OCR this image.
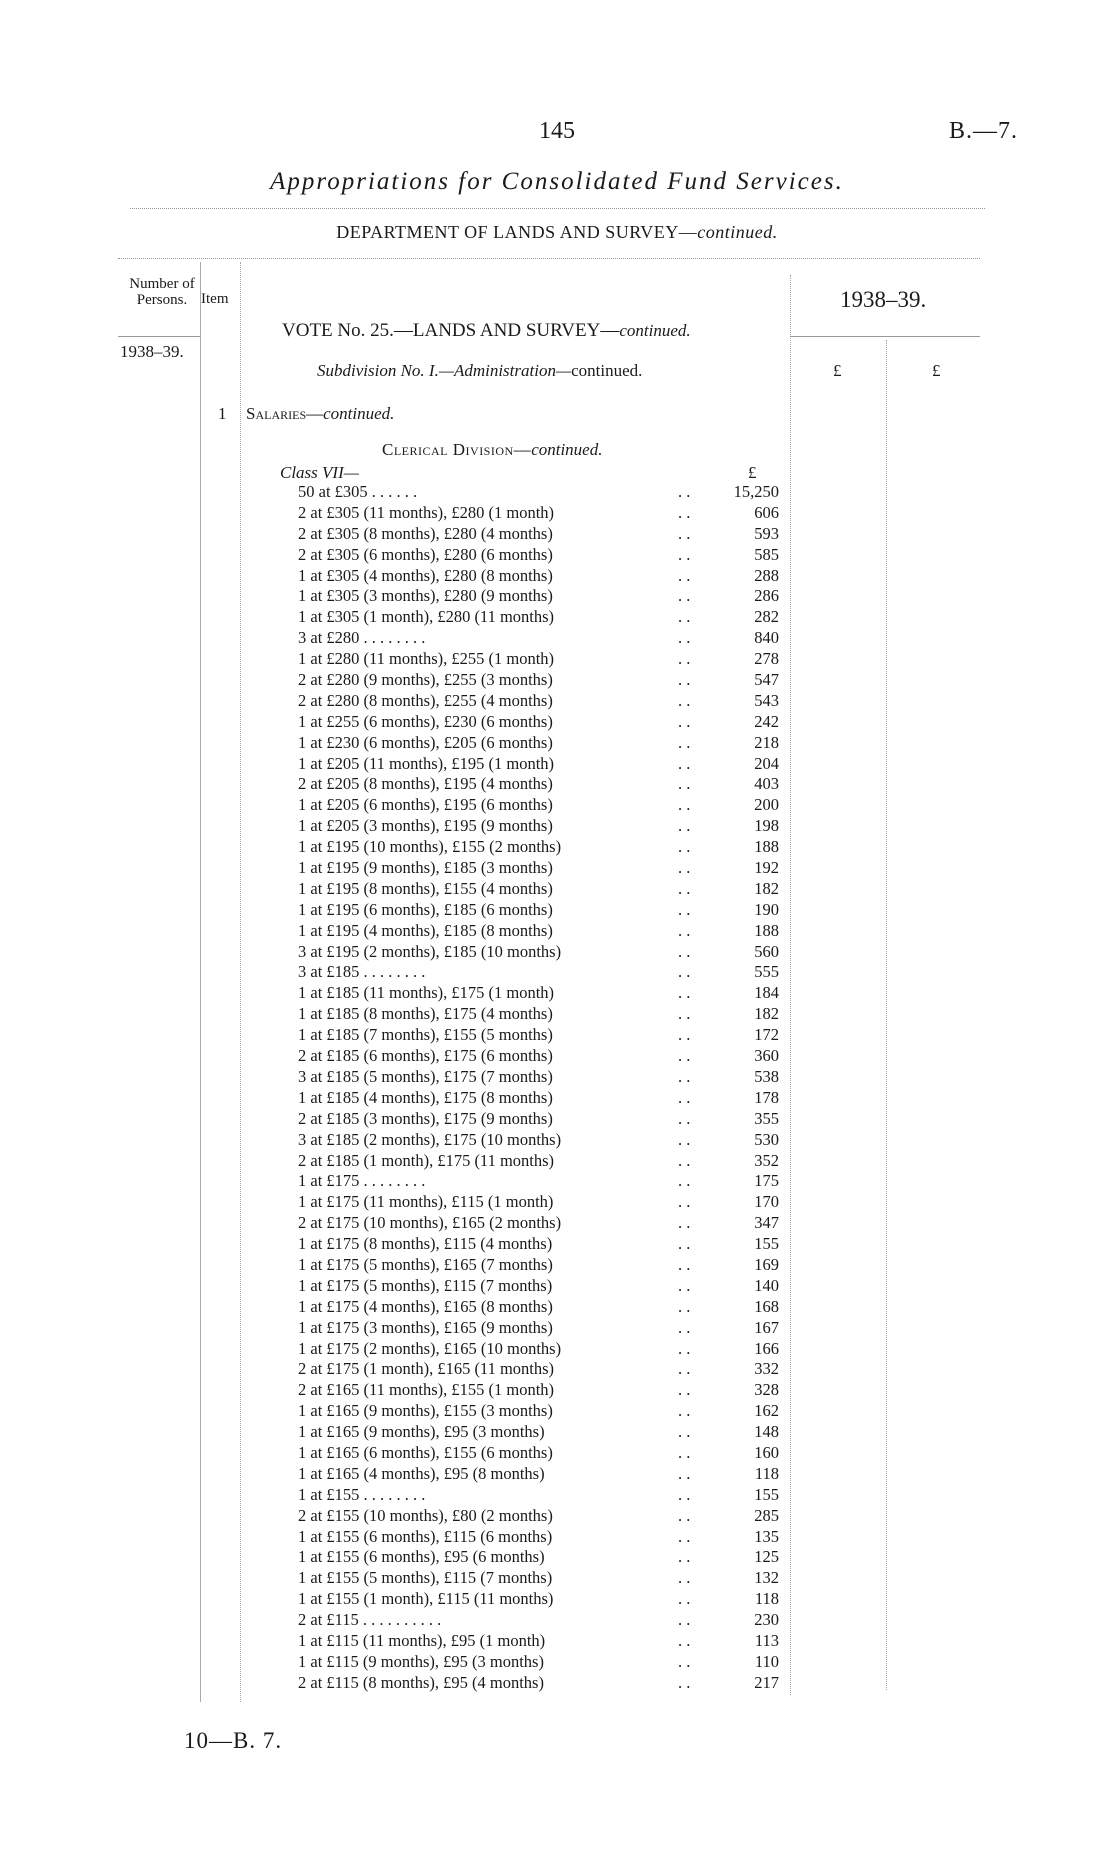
145	B.—7.
Appropriations for Consolidated Fund Services.
DEPARTMENT OF LANDS AND SURVEY—continued.
Number of Persons. Item
1938–39.
1938–39.
VOTE No. 25.—LANDS AND SURVEY—continued.
Subdivision No. I.—Administration—continued.	£	£
1 Salaries—continued.
Clerical Division—continued.
Class VII—	£
50 at £305 . . . . . .	. .	15,250
2 at £305 (11 months), £280 (1 month)	. .	606
2 at £305 (8 months), £280 (4 months)	. .	593
2 at £305 (6 months), £280 (6 months)	. .	585
1 at £305 (4 months), £280 (8 months)	. .	288
1 at £305 (3 months), £280 (9 months)	. .	286
1 at £305 (1 month), £280 (11 months)	. .	282
3 at £280 . . . . . . . .	. .	840
1 at £280 (11 months), £255 (1 month)	. .	278
2 at £280 (9 months), £255 (3 months)	. .	547
2 at £280 (8 months), £255 (4 months)	. .	543
1 at £255 (6 months), £230 (6 months)	. .	242
1 at £230 (6 months), £205 (6 months)	. .	218
1 at £205 (11 months), £195 (1 month)	. .	204
2 at £205 (8 months), £195 (4 months)	. .	403
1 at £205 (6 months), £195 (6 months)	. .	200
1 at £205 (3 months), £195 (9 months)	. .	198
1 at £195 (10 months), £155 (2 months)	. .	188
1 at £195 (9 months), £185 (3 months)	. .	192
1 at £195 (8 months), £155 (4 months)	. .	182
1 at £195 (6 months), £185 (6 months)	. .	190
1 at £195 (4 months), £185 (8 months)	. .	188
3 at £195 (2 months), £185 (10 months)	. .	560
3 at £185 . . . . . . . .	. .	555
1 at £185 (11 months), £175 (1 month)	. .	184
1 at £185 (8 months), £175 (4 months)	. .	182
1 at £185 (7 months), £155 (5 months)	. .	172
2 at £185 (6 months), £175 (6 months)	. .	360
3 at £185 (5 months), £175 (7 months)	. .	538
1 at £185 (4 months), £175 (8 months)	. .	178
2 at £185 (3 months), £175 (9 months)	. .	355
3 at £185 (2 months), £175 (10 months)	. .	530
2 at £185 (1 month), £175 (11 months)	. .	352
1 at £175 . . . . . . . .	. .	175
1 at £175 (11 months), £115 (1 month)	. .	170
2 at £175 (10 months), £165 (2 months)	. .	347
1 at £175 (8 months), £115 (4 months)	. .	155
1 at £175 (5 months), £165 (7 months)	. .	169
1 at £175 (5 months), £115 (7 months)	. .	140
1 at £175 (4 months), £165 (8 months)	. .	168
1 at £175 (3 months), £165 (9 months)	. .	167
1 at £175 (2 months), £165 (10 months)	. .	166
2 at £175 (1 month), £165 (11 months)	. .	332
2 at £165 (11 months), £155 (1 month)	. .	328
1 at £165 (9 months), £155 (3 months)	. .	162
1 at £165 (9 months), £95 (3 months)	. .	148
1 at £165 (6 months), £155 (6 months)	. .	160
1 at £165 (4 months), £95 (8 months)	. .	118
1 at £155 . . . . . . . .	. .	155
2 at £155 (10 months), £80 (2 months)	. .	285
1 at £155 (6 months), £115 (6 months)	. .	135
1 at £155 (6 months), £95 (6 months)	. .	125
1 at £155 (5 months), £115 (7 months)	. .	132
1 at £155 (1 month), £115 (11 months)	. .	118
2 at £115 . . . . . . . . . .	. .	230
1 at £115 (11 months), £95 (1 month)	. .	113
1 at £115 (9 months), £95 (3 months)	. .	110
2 at £115 (8 months), £95 (4 months)	. .	217
10—B. 7.
